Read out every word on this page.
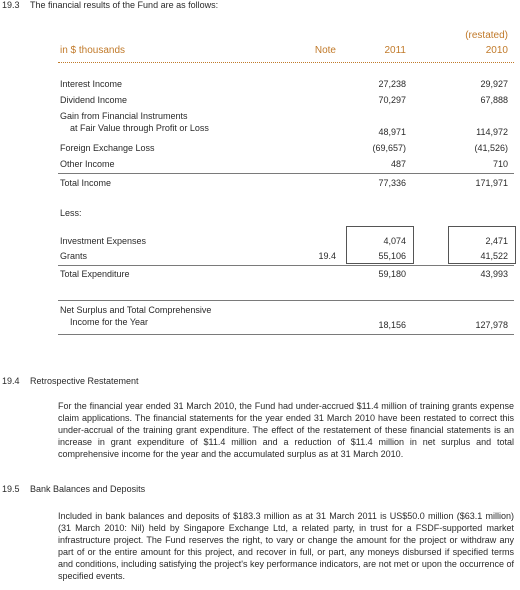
19.3 The financial results of the Fund are as follows:
(restated)
in $ thousands	Note	2011	2010
Interest Income	27,238	29,927
Dividend Income	70,297	67,888
Gain from Financial Instruments
at Fair Value through Profit or Loss	48,971	114,972
Foreign Exchange Loss	(69,657)	(41,526)
Other Income	487	710
Total Income	77,336	171,971
Less:
Investment Expenses	4,074	2,471
Grants	19.4	55,106	41,522
Total Expenditure	59,180	43,993
Net Surplus and Total Comprehensive
Income for the Year	18,156	127,978
19.4 Retrospective Restatement
For the financial year ended 31 March 2010, the Fund had under-accrued $11.4 million of training grants expense claim applications. The financial statements for the year ended 31 March 2010 have been restated to correct this under-accrual of the training grant expenditure. The effect of the restatement of these financial statements is an increase in grant expenditure of $11.4 million and a reduction of $11.4 million in net surplus and total comprehensive income for the year and the accumulated surplus as at 31 March 2010.
19.5 Bank Balances and Deposits
Included in bank balances and deposits of $183.3 million as at 31 March 2011 is US$50.0 million ($63.1 million) (31 March 2010: Nil) held by Singapore Exchange Ltd, a related party, in trust for a FSDF-supported market infrastructure project. The Fund reserves the right, to vary or change the amount for the project or withdraw any part of or the entire amount for this project, and recover in full, or part, any moneys disbursed if specified terms and conditions, including satisfying the project's key performance indicators, are not met or upon the occurrence of specified events.
